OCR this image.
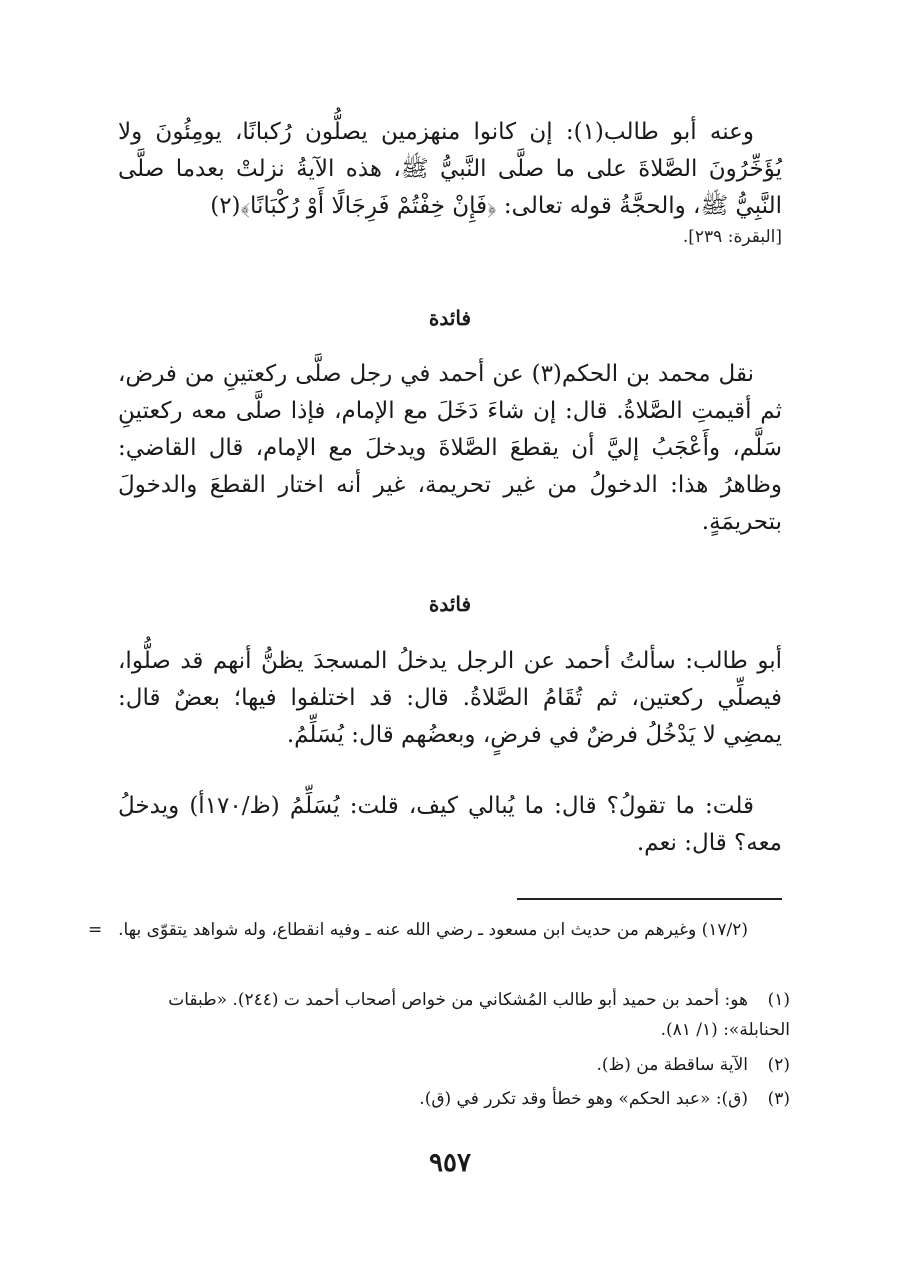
وعنه أبو طالب(١): إن كانوا منهزمين يصلُّون رُكبانًا، يومِئُونَ ولا يُؤَخِّرُونَ الصَّلاةَ على ما صلَّى النَّبيُّ ﷺ، هذه الآيةُ نزلتْ بعدما صلَّى النَّبِيُّ ﷺ، والحجَّةُ قوله تعالى: ﴿فَإِنْ خِفْتُمْ فَرِجَالًا أَوْ رُكْبَانًا﴾(٢)

[البقرة: ٢٣٩].
فائدة

نقل محمد بن الحكم(٣) عن أحمد في رجل صلَّى ركعتينِ من فرض، ثم أقيمتِ الصَّلاةُ. قال: إن شاءَ دَخَلَ مع الإمام، فإذا صلَّى معه ركعتينِ سَلَّم، وأَعْجَبُ إليَّ أن يقطعَ الصَّلاةَ ويدخلَ مع الإمام، قال القاضي: وظاهرُ هذا: الدخولُ من غير تحريمة، غير أنه اختار القطعَ والدخولَ بتحريمَةٍ.

فائدة

أبو طالب: سألتُ أحمد عن الرجل يدخلُ المسجدَ يظنُّ أنهم قد صلُّوا، فيصلِّي ركعتين، ثم تُقَامُ الصَّلاةُ. قال: قد اختلفوا فيها؛ بعضٌ قال: يمضِي لا يَدْخُلُ فرضٌ في فرضٍ، وبعضُهم قال: يُسَلِّمُ.

قلت: ما تقولُ؟ قال: ما يُبالي كيف، قلت: يُسَلِّمُ (ظ/١٧٠أ) ويدخلُ معه؟ قال: نعم.

= (١٧/٢) وغيرهم من حديث ابن مسعود ـ رضي الله عنه ـ وفيه انقطاع، وله شواهد يتقوّى بها.
(١)هو: أحمد بن حميد أبو طالب المُشكاني من خواص أصحاب أحمد ت (٢٤٤). «طبقات الحنابلة»: (١/ ٨١).
(٢)الآية ساقطة من (ظ).
(٣)(ق): «عبد الحكم» وهو خطأ وقد تكرر في (ق).
٩٥٧
